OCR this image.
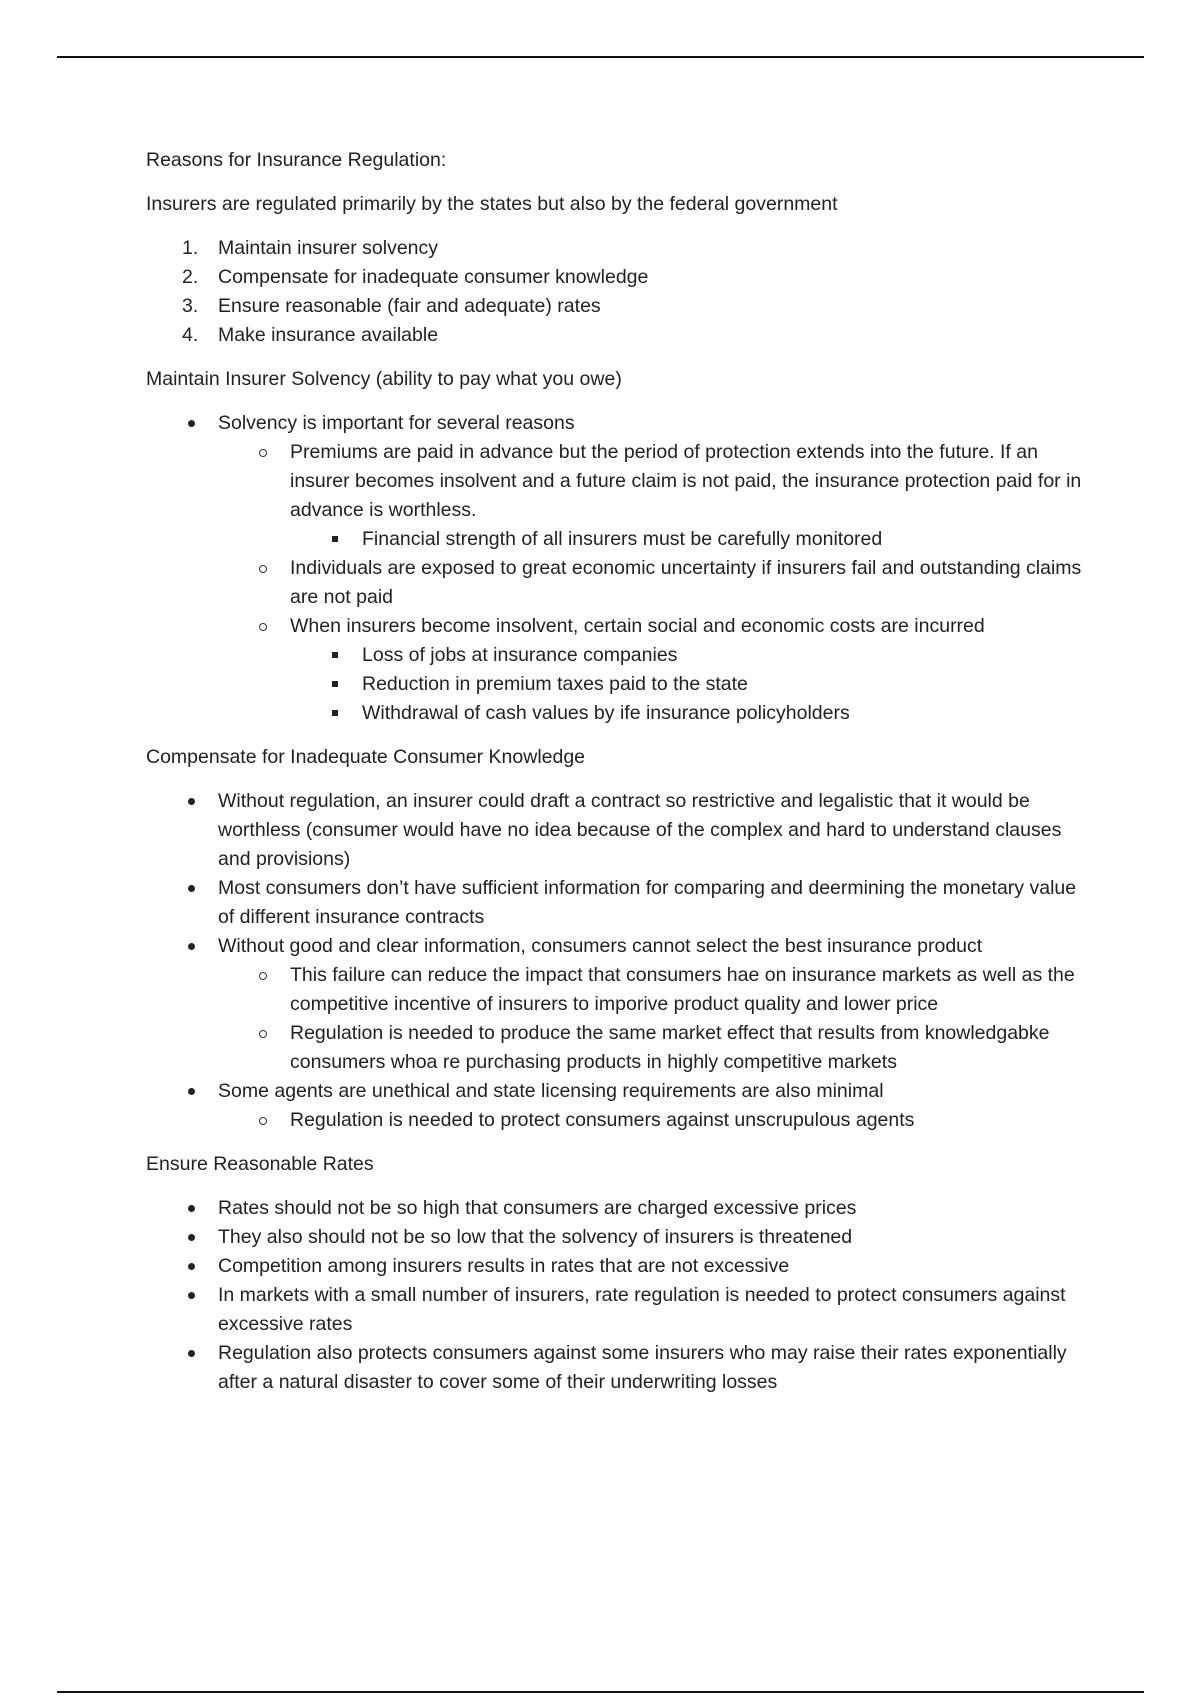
Reasons for Insurance Regulation:

Insurers are regulated primarily by the states but also by the federal government

1. Maintain insurer solvency
2. Compensate for inadequate consumer knowledge
3. Ensure reasonable (fair and adequate) rates
4. Make insurance available

Maintain Insurer Solvency (ability to pay what you owe)

Solvency is important for several reasons
Premiums are paid in advance but the period of protection extends into the future. If an insurer becomes insolvent and a future claim is not paid, the insurance protection paid for in advance is worthless.
Financial strength of all insurers must be carefully monitored
Individuals are exposed to great economic uncertainty if insurers fail and outstanding claims are not paid
When insurers become insolvent, certain social and economic costs are incurred
Loss of jobs at insurance companies
Reduction in premium taxes paid to the state
Withdrawal of cash values by ife insurance policyholders

Compensate for Inadequate Consumer Knowledge

Without regulation, an insurer could draft a contract so restrictive and legalistic that it would be worthless (consumer would have no idea because of the complex and hard to understand clauses and provisions)
Most consumers don’t have sufficient information for comparing and deermining the monetary value of different insurance contracts
Without good and clear information, consumers cannot select the best insurance product
This failure can reduce the impact that consumers hae on insurance markets as well as the competitive incentive of insurers to imporive product quality and lower price
Regulation is needed to produce the same market effect that results from knowledgabke consumers whoa re purchasing products in highly competitive markets
Some agents are unethical and state licensing requirements are also minimal
Regulation is needed to protect consumers against unscrupulous agents

Ensure Reasonable Rates

Rates should not be so high that consumers are charged excessive prices
They also should not be so low that the solvency of insurers is threatened
Competition among insurers results in rates that are not excessive
In markets with a small number of insurers, rate regulation is needed to protect consumers against excessive rates
Regulation also protects consumers against some insurers who may raise their rates exponentially after a natural disaster to cover some of their underwriting losses
